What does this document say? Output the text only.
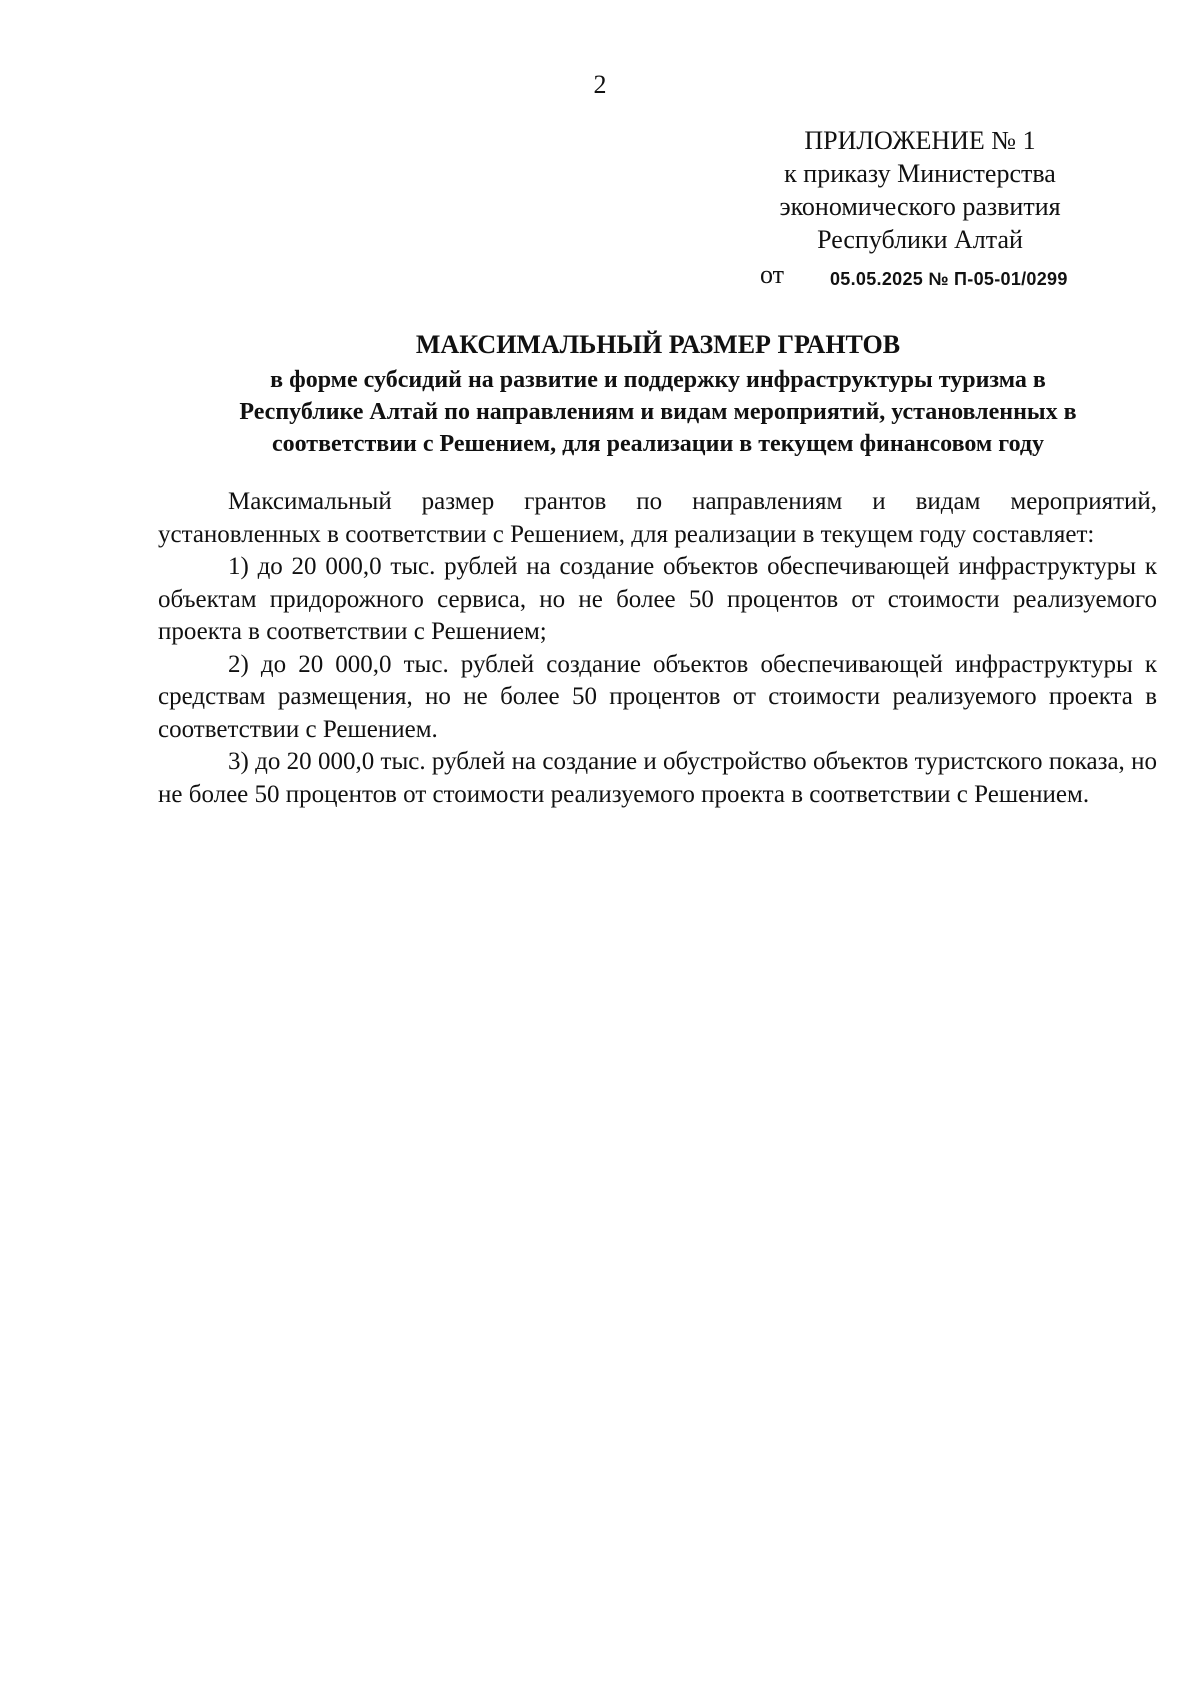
2
ПРИЛОЖЕНИЕ № 1
к приказу Министерства
экономического развития
Республики Алтай
от	05.05.2025 № П-05-01/0299
МАКСИМАЛЬНЫЙ РАЗМЕР ГРАНТОВ
в форме субсидий на развитие и поддержку инфраструктуры туризма в
Республике Алтай по направлениям и видам мероприятий, установленных в
соответствии с Решением, для реализации в текущем финансовом году

Максимальный размер грантов по направлениям и видам мероприятий, установленных в соответствии с Решением, для реализации в текущем году составляет:

1) до 20 000,0 тыс. рублей на создание объектов обеспечивающей инфраструктуры к объектам придорожного сервиса, но не более 50 процентов от стоимости реализуемого проекта в соответствии с Решением;

2) до 20 000,0 тыс. рублей создание объектов обеспечивающей инфраструктуры к средствам размещения, но не более 50 процентов от стоимости реализуемого проекта в соответствии с Решением.

3) до 20 000,0 тыс. рублей на создание и обустройство объектов туристского показа, но не более 50 процентов от стоимости реализуемого проекта в соответствии с Решением.
